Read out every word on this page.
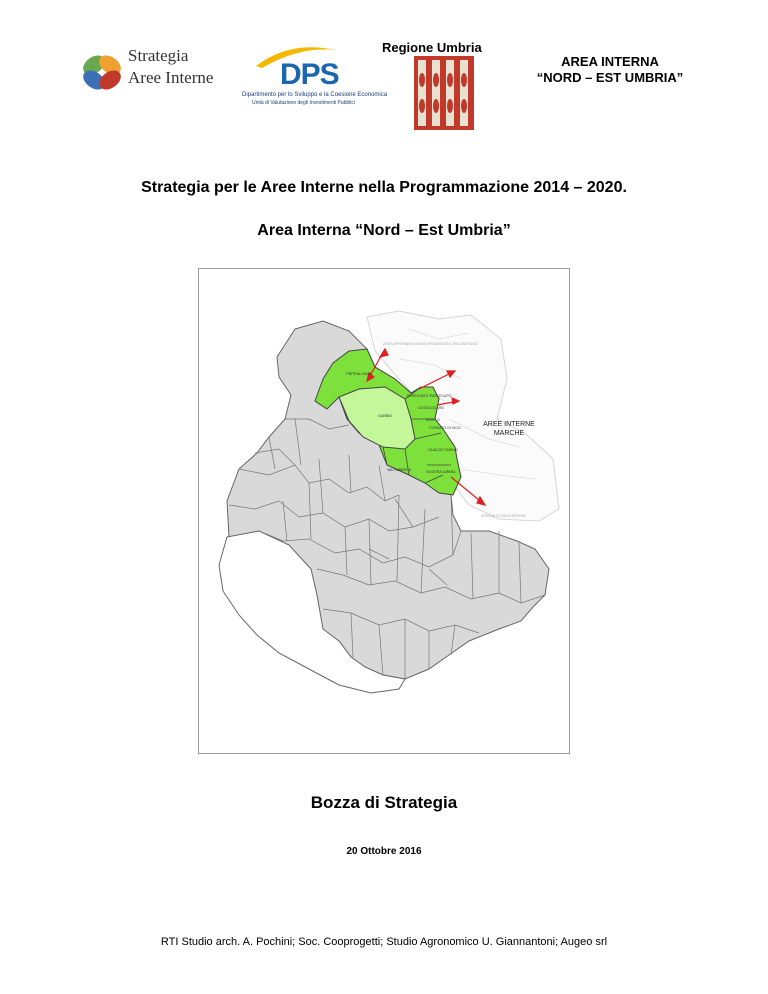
Strategia
Aree Interne DPS
Dipartimento per lo Sviluppo e la Coesione Economica
Unità di Valutazione degli Investimenti Pubblici
Regione Umbria
AREA INTERNA
“NORD – EST UMBRIA”
Strategia per le Aree Interne nella Programmazione 2014 – 2020.
Area Interna “Nord – Est Umbria”
PIETRALUNGA
GUBBIO
SCHEGGIA E PASCELUPO
COSTACCIARO
SIGILLO
FOSSATO DI VICO
GUALDO TADINO
VALFABBRICA	NOCERA UMBRA
AREA APPENNINO BASSO PESARESE E ANCONETANO
AREA ALTO MACERATESE
AREE INTERNE
MARCHE
Bozza di Strategia
20 Ottobre 2016
RTI Studio arch. A. Pochini; Soc. Cooprogetti; Studio Agronomico U. Giannantoni; Augeo srl
